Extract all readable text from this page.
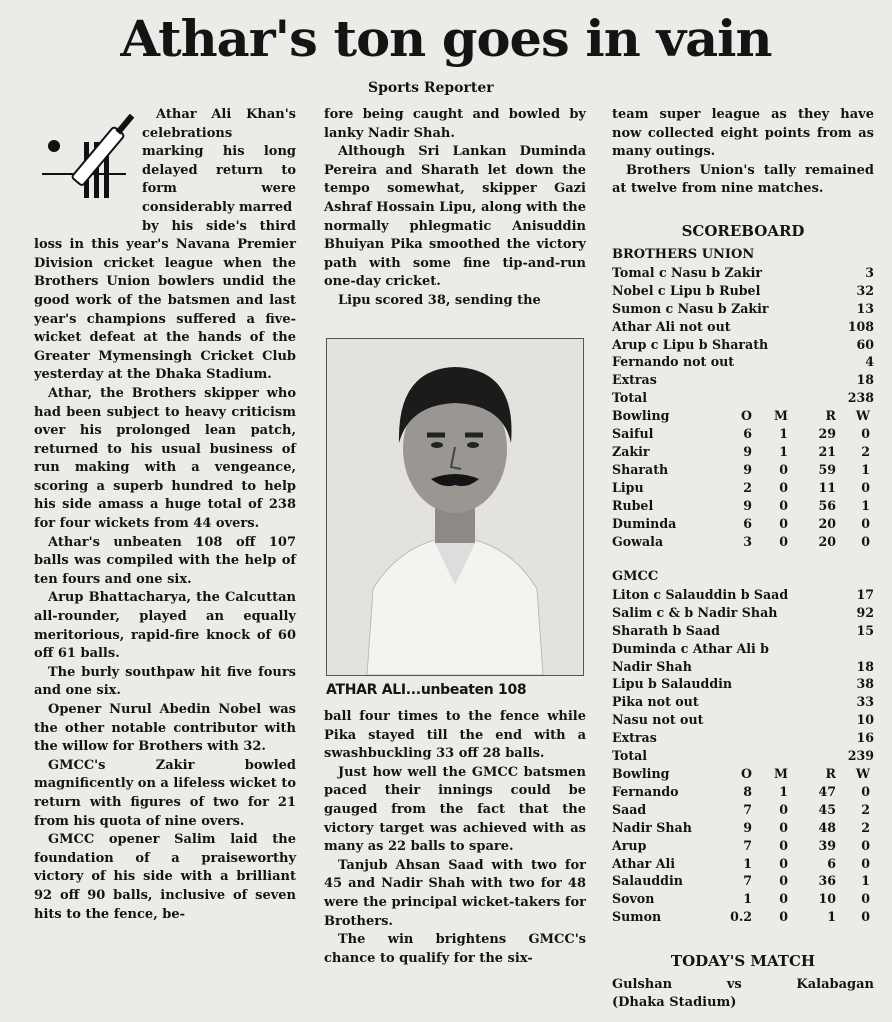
Athar's ton goes in vain
Sports Reporter

Athar Ali Khan's celebrations marking his long delayed return to form were considerably marred

by his side's third loss in this year's Navana Premier Division cricket league when the Brothers Union bowlers undid the good work of the batsmen and last year's champions suffered a five-wicket defeat at the hands of the Greater Mymensingh Cricket Club yesterday at the Dhaka Stadium.

Athar, the Brothers skipper who had been subject to heavy criticism over his prolonged lean patch, returned to his usual business of run making with a vengeance, scoring a superb hundred to help his side amass a huge total of 238 for four wickets from 44 overs.

Athar's unbeaten 108 off 107 balls was compiled with the help of ten fours and one six.

Arup Bhattacharya, the Calcuttan all-rounder, played an equally meritorious, rapid-fire knock of 60 off 61 balls.

The burly southpaw hit five fours and one six.

Opener Nurul Abedin Nobel was the other notable contributor with the willow for Brothers with 32.

GMCC's Zakir bowled magnificently on a lifeless wicket to return with figures of two for 21 from his quota of nine overs.

GMCC opener Salim laid the foundation of a praiseworthy victory of his side with a brilliant 92 off 90 balls, inclusive of seven hits to the fence, be-

fore being caught and bowled by lanky Nadir Shah.

Although Sri Lankan Duminda Pereira and Sharath let down the tempo somewhat, skipper Gazi Ashraf Hossain Lipu, along with the normally phlegmatic Anisuddin Bhuiyan Pika smoothed the victory path with some fine tip-and-run one-day cricket.

Lipu scored 38, sending the

ATHAR ALI...unbeaten 108

ball four times to the fence while Pika stayed till the end with a swashbuckling 33 off 28 balls.

Just how well the GMCC batsmen paced their innings could be gauged from the fact that the victory target was achieved with as many as 22 balls to spare.

Tanjub Ahsan Saad with two for 45 and Nadir Shah with two for 48 were the principal wicket-takers for Brothers.

The win brightens GMCC's chance to qualify for the six-

team super league as they have now collected eight points from as many outings.

Brothers Union's tally remained at twelve from nine matches.

SCOREBOARD
BROTHERS UNION
Tomal c Nasu b Zakir	3
Nobel c Lipu b Rubel	32
Sumon c Nasu b Zakir	13
Athar Ali not out	108
Arup c Lipu b Sharath	60
Fernando not out	4
Extras	18
Total	238
Bowling	O	M	R	W
Saiful	6	1	29	0
Zakir	9	1	21	2
Sharath	9	0	59	1
Lipu	2	0	11	0
Rubel	9	0	56	1
Duminda	6	0	20	0
Gowala	3	0	20	0
GMCC
Liton c Salauddin b Saad	17
Salim c & b Nadir Shah	92
Sharath b Saad	15
Duminda c Athar Ali b
Nadir Shah	18
Lipu b Salauddin	38
Pika not out	33
Nasu not out	10
Extras	16
Total	239
Bowling	O	M	R	W
Fernando	8	1	47	0
Saad	7	0	45	2
Nadir Shah	9	0	48	2
Arup	7	0	39	0
Athar Ali	1	0	6	0
Salauddin	7	0	36	1
Sovon	1	0	10	0
Sumon	0.2	0	1	0
TODAY'S MATCH
Gulshan	vs	Kalabagan
(Dhaka Stadium)
